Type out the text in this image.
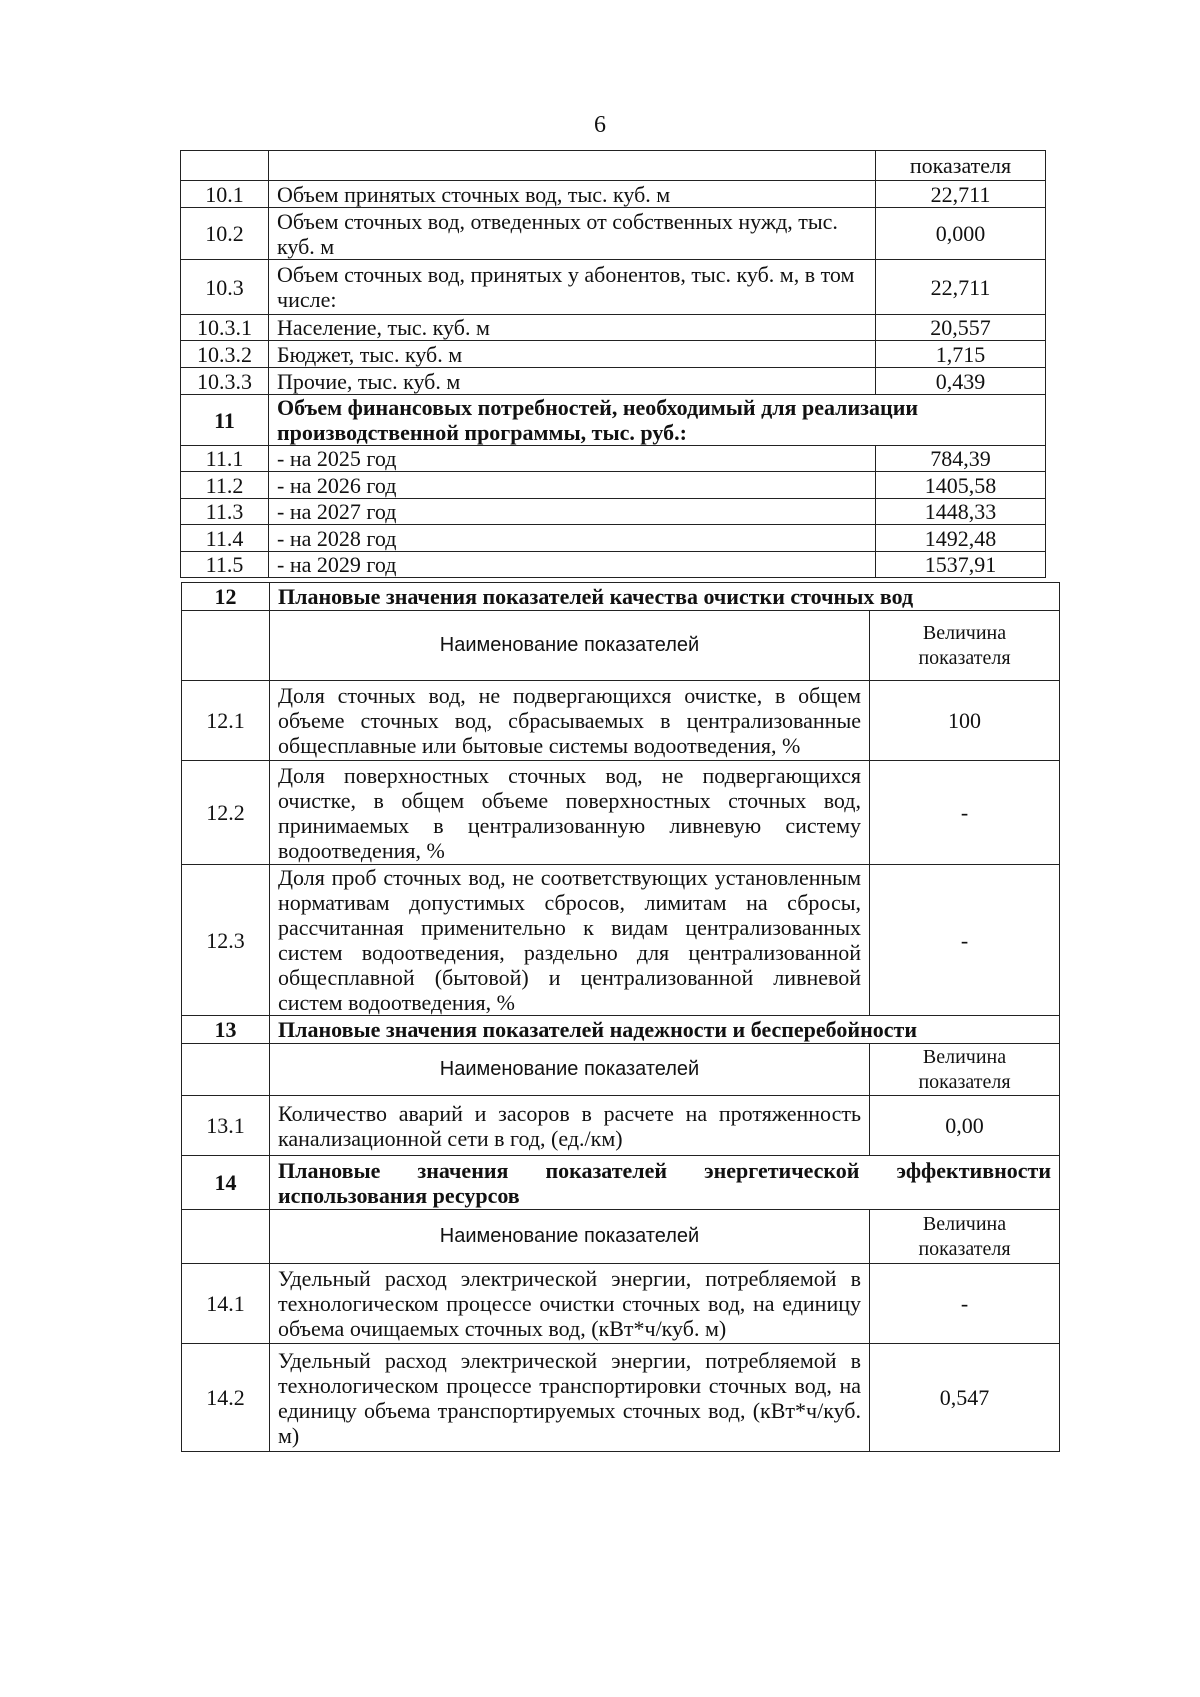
6
		показателя
10.1	Объем принятых сточных вод, тыс. куб. м	22,711
10.2	Объем сточных вод, отведенных от собственных нужд, тыс. куб. м	0,000
10.3	Объем сточных вод, принятых у абонентов, тыс. куб. м, в том числе:	22,711
10.3.1	Население, тыс. куб. м	20,557
10.3.2	Бюджет, тыс. куб. м	1,715
10.3.3	Прочие, тыс. куб. м	0,439
11	Объем финансовых потребностей, необходимый для реализации производственной программы, тыс. руб.:	
11.1	- на 2025 год	784,39
11.2	- на 2026 год	1405,58
11.3	- на 2027 год	1448,33
11.4	- на 2028 год	1492,48
11.5	- на 2029 год	1537,91
12	Плановые значения показателей качества очистки сточных вод	
	Наименование показателей	Величина показателя
12.1	Доля сточных вод, не подвергающихся очистке, в общем объеме сточных вод, сбрасываемых в централизованные общесплавные или бытовые системы водоотведения, %	100
12.2	Доля поверхностных сточных вод, не подвергающихся очистке, в общем объеме поверхностных сточных вод, принимаемых в централизованную ливневую систему водоотведения, %	-
12.3	Доля проб сточных вод, не соответствующих установленным нормативам допустимых сбросов, лимитам на сбросы, рассчитанная применительно к видам централизованных систем водоотведения, раздельно для централизованной общесплавной (бытовой) и централизованной ливневой систем водоотведения, %	-
13	Плановые значения показателей надежности и бесперебойности	
	Наименование показателей	Величина показателя
13.1	Количество аварий и засоров в расчете на протяженность канализационной сети в год, (ед./км)	0,00
14	Плановые значения показателей энергетической эффективности использования ресурсов	
	Наименование показателей	Величина показателя
14.1	Удельный расход электрической энергии, потребляемой в технологическом процессе очистки сточных вод, на единицу объема очищаемых сточных вод, (кВт*ч/куб. м)	-
14.2	Удельный расход электрической энергии, потребляемой в технологическом процессе транспортировки сточных вод, на единицу объема транспортируемых сточных вод, (кВт*ч/куб. м)	0,547
